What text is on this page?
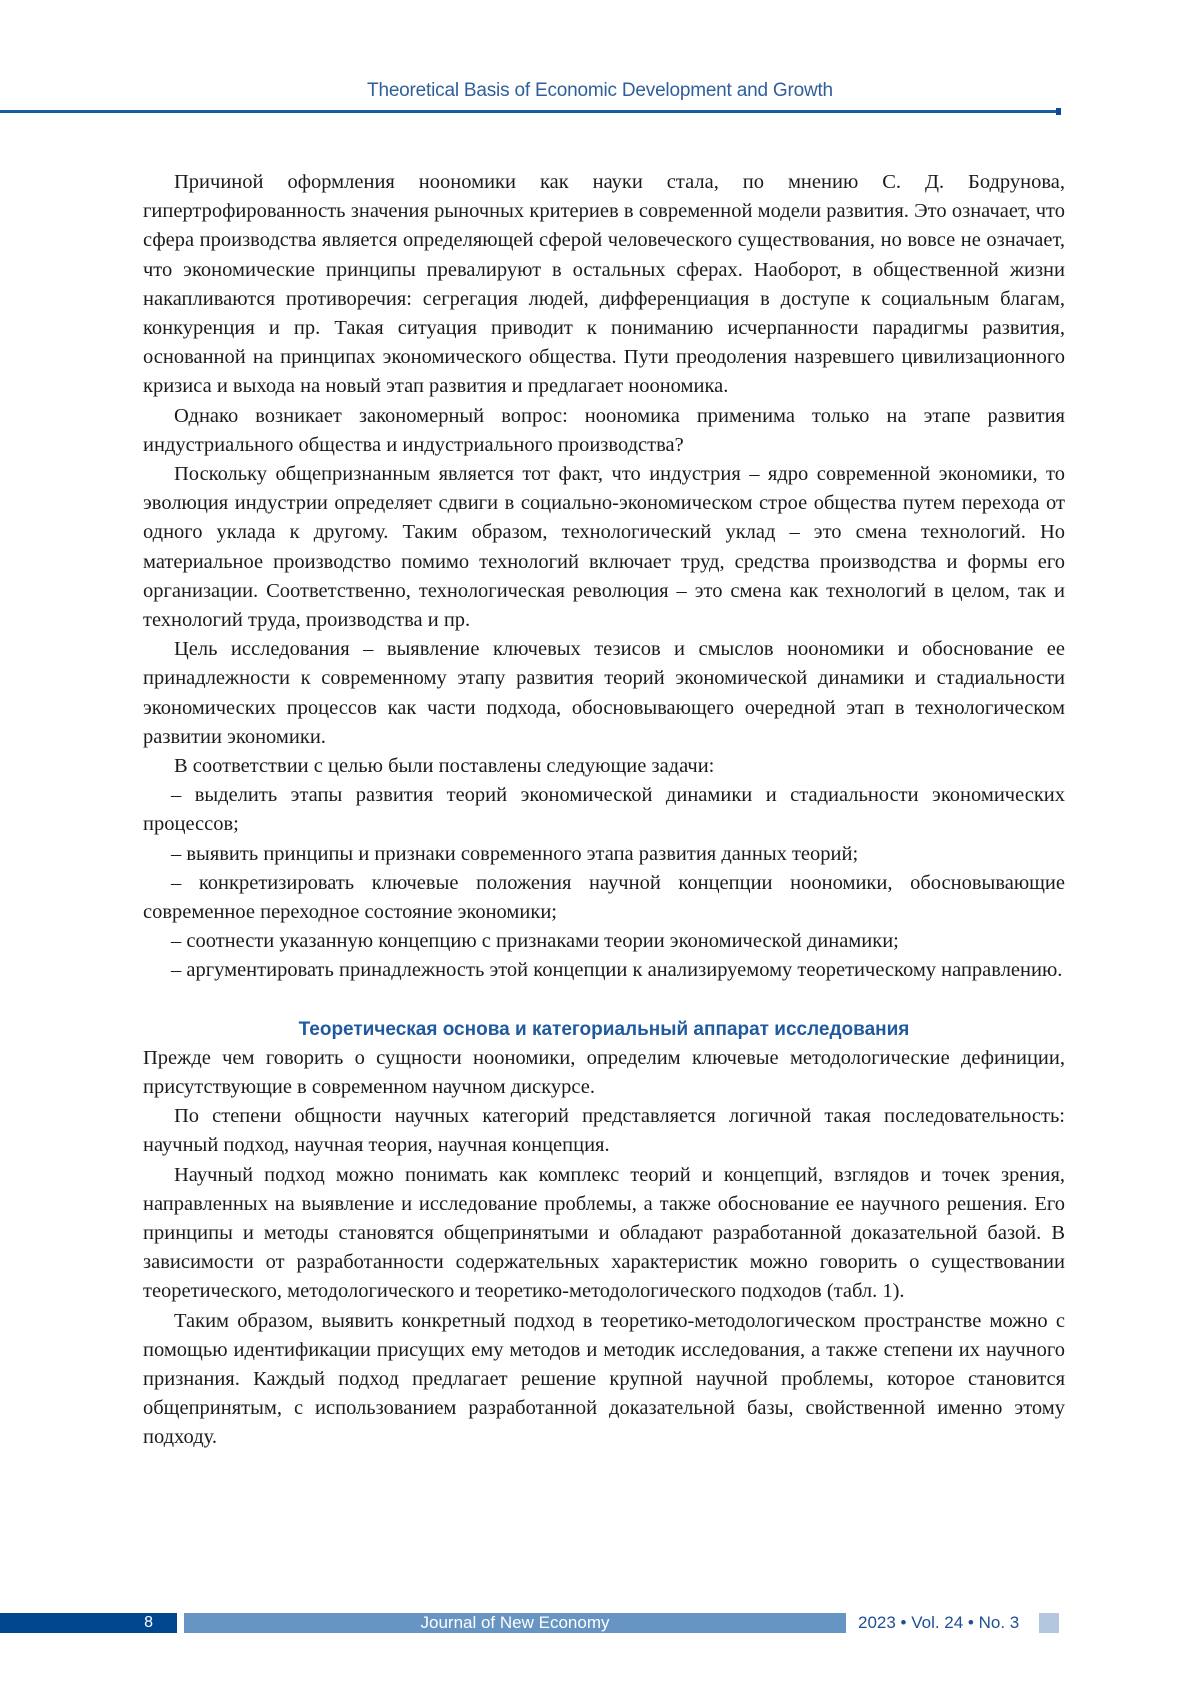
Theoretical Basis of Economic Development and Growth

Причиной оформления нооно­мики как науки стала, по мнению С. Д. Бодрунова, гипертрофированность значения рыночных критериев в современной модели развития. Это означает, что сфера производства является определяющей сферой человеческого существования, но вовсе не означает, что экономические принципы превалируют в остальных сферах. Наоборот, в общественной жизни накапливаются противоречия: сегрегация людей, дифференциация в доступе к социальным благам, конкуренция и пр. Такая ситуация приводит к пониманию исчерпанности парадигмы развития, основанной на принципах экономического общества. Пути преодоления назревшего цивилизационного кризиса и выхода на новый этап развития и предлагает ноономика.

Однако возникает закономерный вопрос: ноономика применима только на этапе развития индустриального общества и индустриального производства?

Поскольку общепризнанным является тот факт, что индустрия – ядро современной экономики, то эволюция индустрии определяет сдвиги в социально-экономическом строе общества путем перехода от одного уклада к другому. Таким образом, технологический уклад – это смена технологий. Но материальное производство помимо технологий включает труд, средства производства и формы его организации. Соответственно, технологическая революция – это смена как технологий в целом, так и технологий труда, производства и пр.

Цель исследования – выявление ключевых тезисов и смыслов ноономики и обоснование ее принадлежности к современному этапу развития теорий экономической динамики и стадиальности экономических процессов как части подхода, обосновывающего очередной этап в технологическом развитии экономики.

В соответствии с целью были поставлены следующие задачи:

– выделить этапы развития теорий экономической динамики и стадиальности экономических процессов;

– выявить принципы и признаки современного этапа развития данных теорий;

– конкретизировать ключевые положения научной концепции ноономики, обосновывающие современное переходное состояние экономики;

– соотнести указанную концепцию с признаками теории экономической динамики;

– аргументировать принадлежность этой концепции к анализируемому теоретическому направлению.

Теоретическая основа и категориальный аппарат исследования

Прежде чем говорить о сущности ноономики, определим ключевые методологические дефиниции, присутствующие в современном научном дискурсе.

По степени общности научных категорий представляется логичной такая последовательность: научный подход, научная теория, научная концепция.

Научный подход можно понимать как комплекс теорий и концепций, взглядов и точек зрения, направленных на выявление и исследование проблемы, а также обоснование ее научного решения. Его принципы и методы становятся общепринятыми и обладают разработанной доказательной базой. В зависимости от разработанности содержательных характеристик можно говорить о существовании теоретического, методологического и теоретико-методологического подходов (табл. 1).

Таким образом, выявить конкретный подход в теоретико-методологическом пространстве можно с помощью идентификации присущих ему методов и методик исследования, а также степени их научного признания. Каждый подход предлагает решение крупной научной проблемы, которое становится общепринятым, с использованием разработанной доказательной базы, свойственной именно этому подходу.

8	Journal of New Economy	2023 • Vol. 24 • No. 3
